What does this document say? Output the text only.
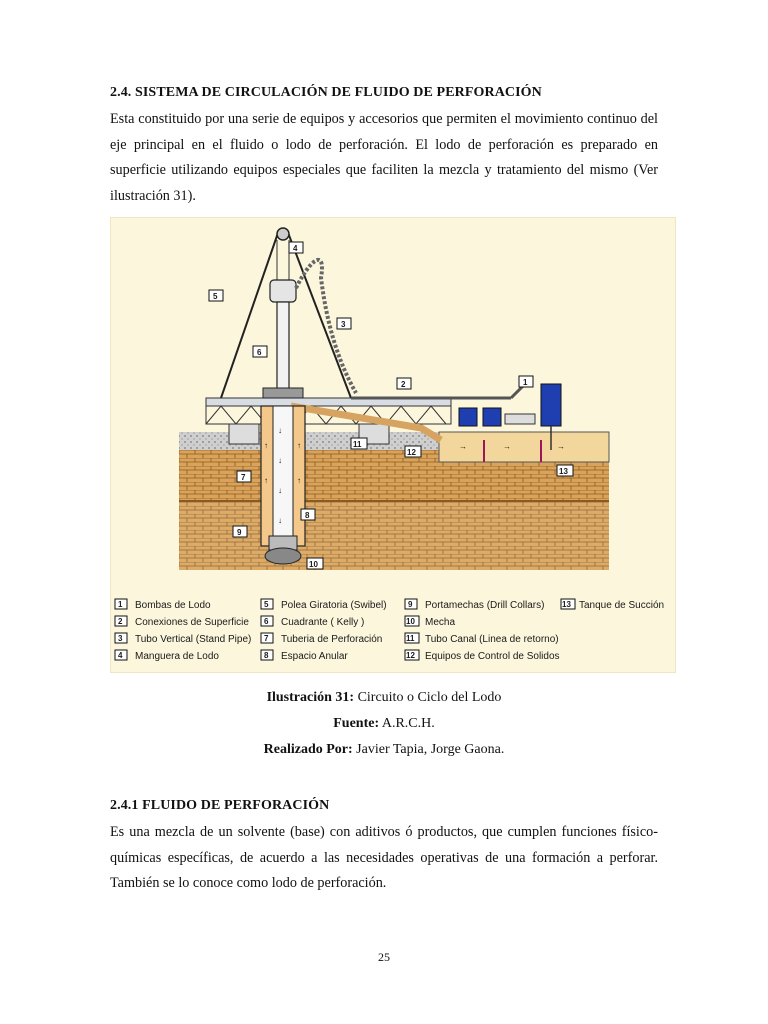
2.4. SISTEMA DE CIRCULACIÓN DE FLUIDO DE PERFORACIÓN

Esta constituido por una serie de equipos y accesorios que permiten el movimiento continuo del eje principal en el fluido o lodo de perforación. El lodo de perforación es preparado en superficie utilizando equipos especiales que faciliten la mezcla y tratamiento del mismo (Ver ilustración 31).

→	→	→
↓
↓
↓
↓
↑
↑
↑
↑
4
5
3
6
2	1
11
12
13
7
8
9
10
1 Bombas de Lodo
2 Conexiones de Superficie
3 Tubo Vertical (Stand Pipe)
4 Manguera de Lodo
5 Polea Giratoria (Swibel)
6 Cuadrante ( Kelly )
7 Tuberia de Perforación
8 Espacio Anular
9 Portamechas (Drill Collars)
10 Mecha
11 Tubo Canal (Linea de retorno)
12 Equipos de Control de Solidos
13 Tanque de Succión
Ilustración 31: Circuito o Ciclo del Lodo
Fuente: A.R.C.H.
Realizado Por: Javier Tapia, Jorge Gaona.
2.4.1 FLUIDO DE PERFORACIÓN

Es una mezcla de un solvente (base) con aditivos ó productos, que cumplen funciones físico-químicas específicas, de acuerdo a las necesidades operativas de una formación a perforar. También se lo conoce como lodo de perforación.

25
